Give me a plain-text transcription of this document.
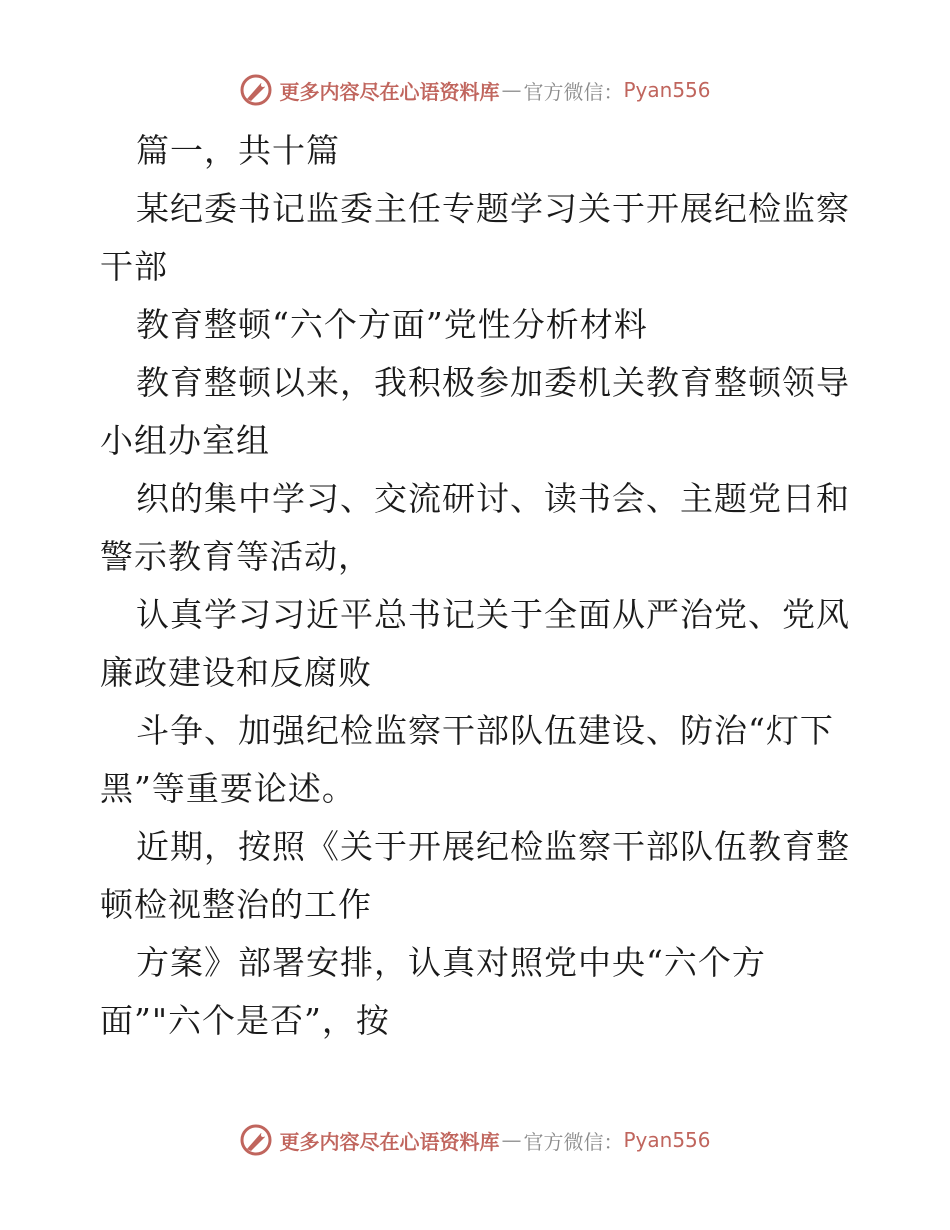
更多内容尽在心语资料库 — 官方微信： Pyan556
篇一，共十篇
某纪委书记监委主任专题学习关于开展纪检监察
干部
教育整顿“六个方面”党性分析材料
教育整顿以来，我积极参加委机关教育整顿领导
小组办室组
织的集中学习、交流研讨、读书会、主题党日和
警示教育等活动，
认真学习习近平总书记关于全面从严治党、党风
廉政建设和反腐败
斗争、加强纪检监察干部队伍建设、防治“灯下
黑”等重要论述。
近期，按照《关于开展纪检监察干部队伍教育整
顿检视整治的工作
方案》部署安排，认真对照党中央“六个方
面”"六个是否”，按
更多内容尽在心语资料库 — 官方微信： Pyan556
